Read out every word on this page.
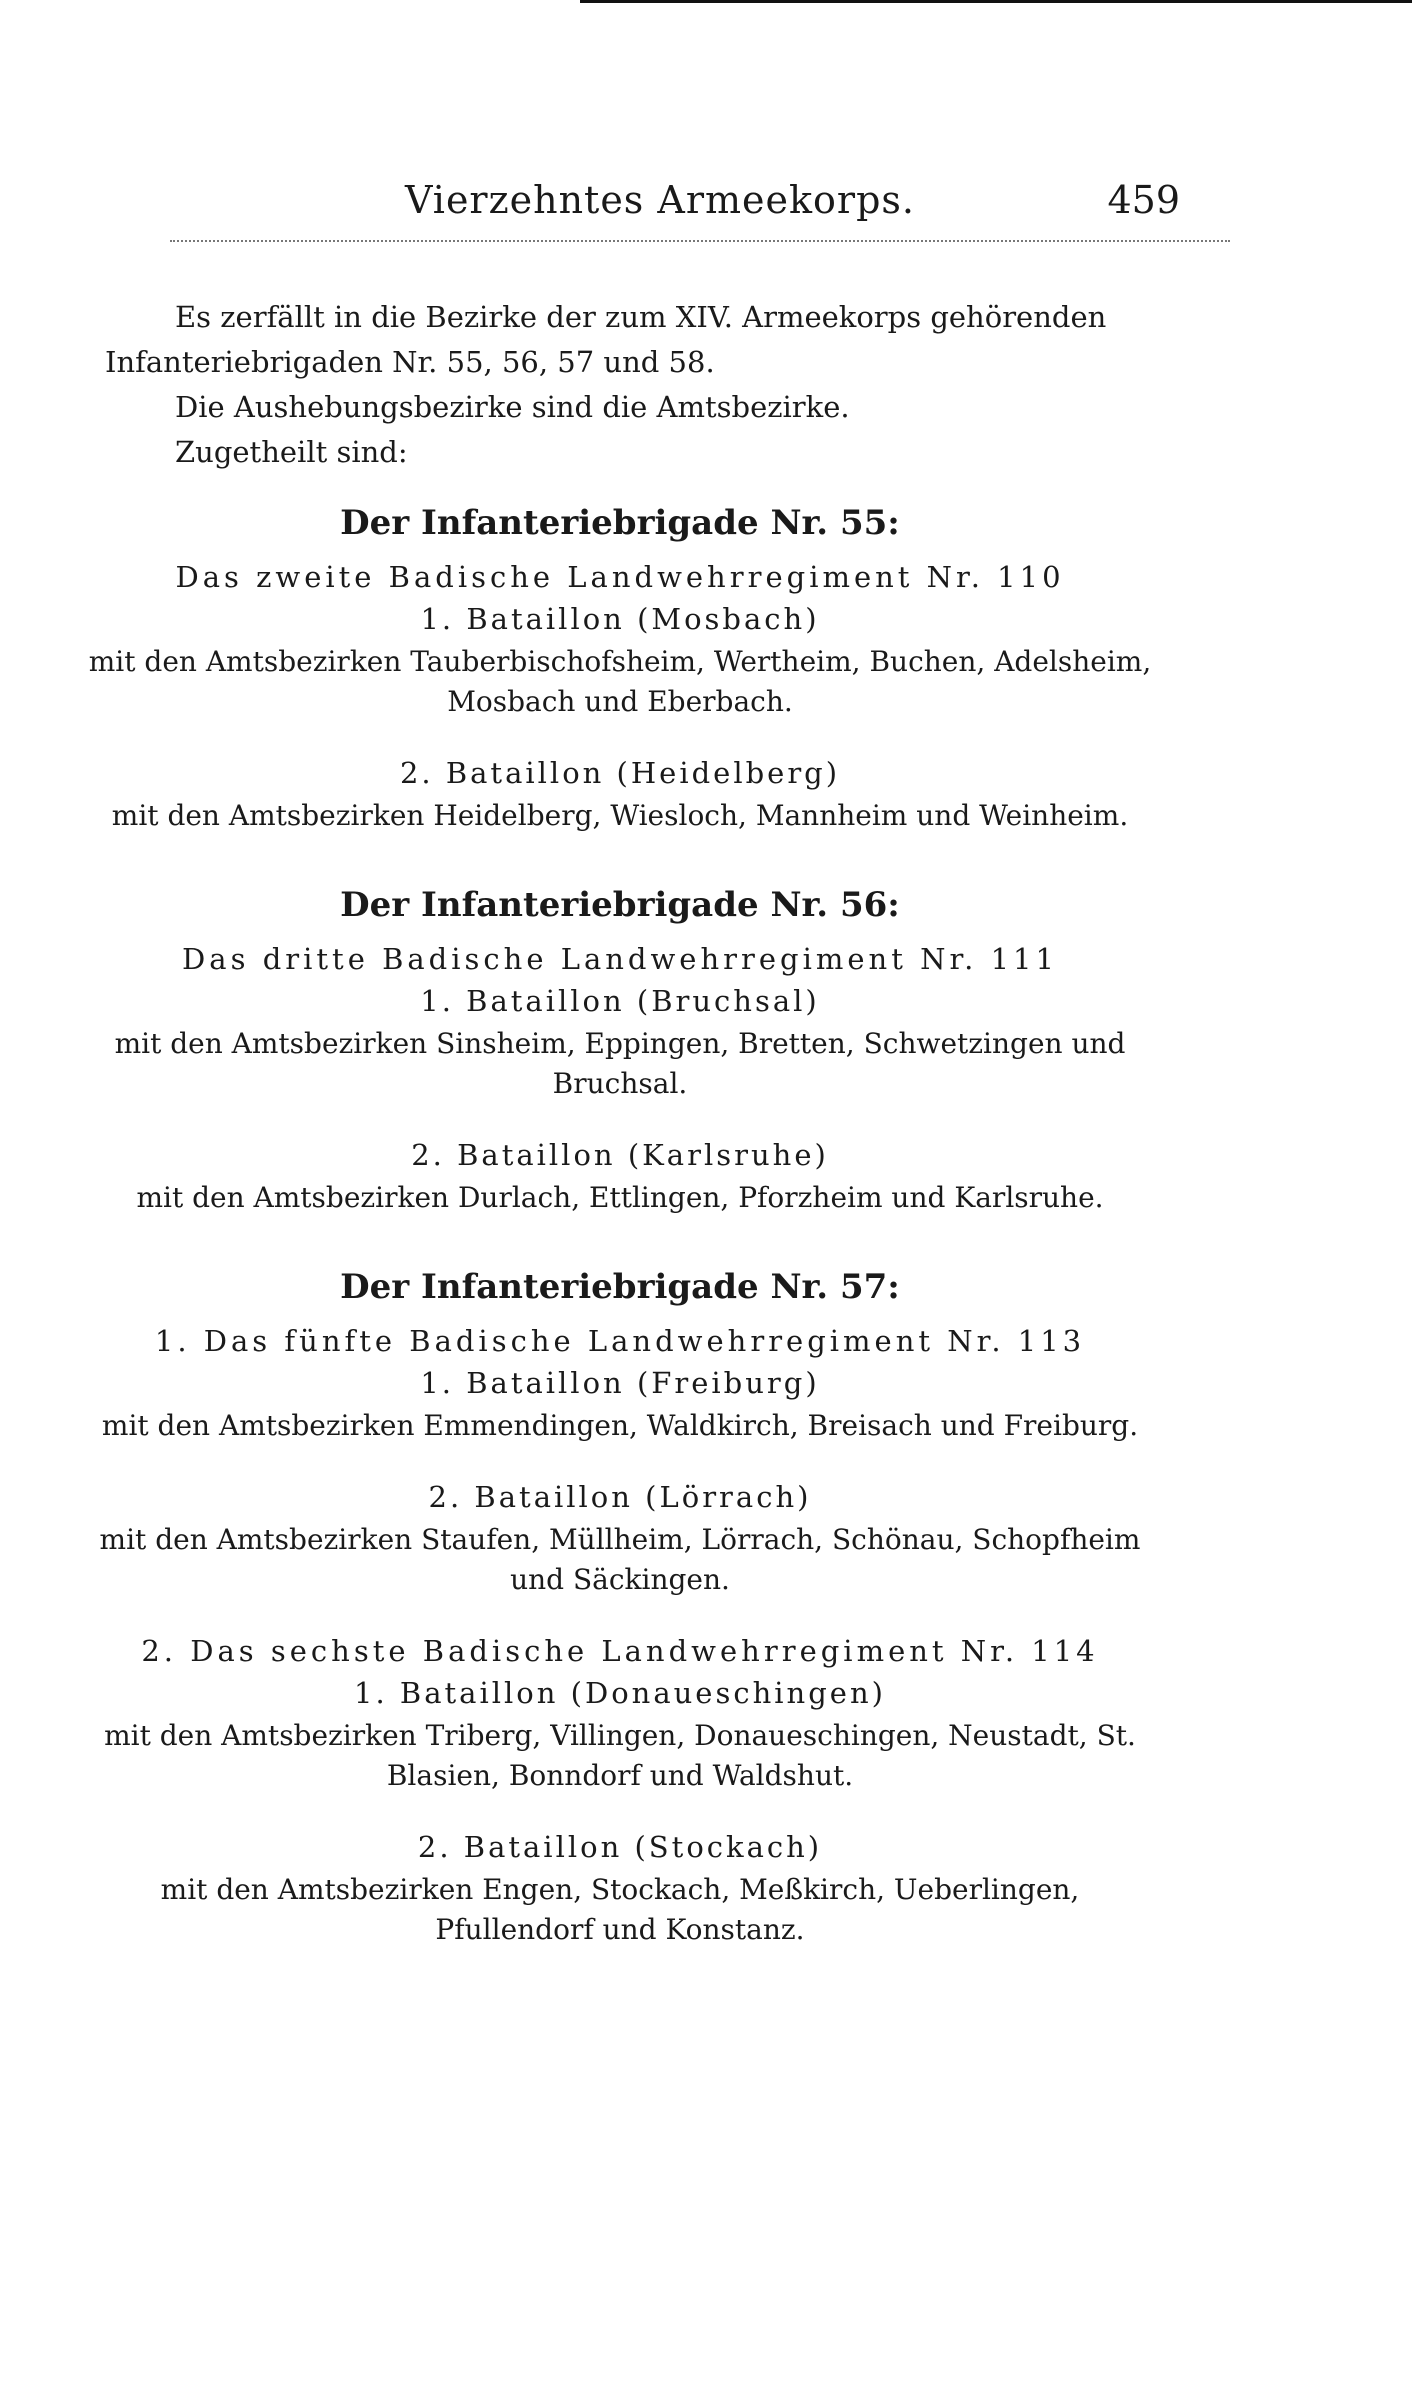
Vierzehntes Armeekorps.	459

Es zerfällt in die Bezirke der zum XIV. Armeekorps gehörenden

Infanteriebrigaden Nr. 55, 56, 57 und 58.

Die Aushebungsbezirke sind die Amtsbezirke.

Zugetheilt sind:

Der Infanteriebrigade Nr. 55:

Das zweite Badische Landwehrregiment Nr. 110

1. Bataillon (Mosbach)

mit den Amtsbezirken Tauberbischofsheim, Wertheim, Buchen, Adelsheim, Mosbach und Eberbach.

2. Bataillon (Heidelberg)

mit den Amtsbezirken Heidelberg, Wiesloch, Mannheim und Weinheim.

Der Infanteriebrigade Nr. 56:

Das dritte Badische Landwehrregiment Nr. 111

1. Bataillon (Bruchsal)

mit den Amtsbezirken Sinsheim, Eppingen, Bretten, Schwetzingen und Bruchsal.

2. Bataillon (Karlsruhe)

mit den Amtsbezirken Durlach, Ettlingen, Pforzheim und Karlsruhe.

Der Infanteriebrigade Nr. 57:

1. Das fünfte Badische Landwehrregiment Nr. 113

1. Bataillon (Freiburg)

mit den Amtsbezirken Emmendingen, Waldkirch, Breisach und Freiburg.

2. Bataillon (Lörrach)

mit den Amtsbezirken Staufen, Müllheim, Lörrach, Schönau, Schopfheim und Säckingen.

2. Das sechste Badische Landwehrregiment Nr. 114

1. Bataillon (Donaueschingen)

mit den Amtsbezirken Triberg, Villingen, Donaueschingen, Neustadt, St. Blasien, Bonndorf und Waldshut.

2. Bataillon (Stockach)

mit den Amtsbezirken Engen, Stockach, Meßkirch, Ueberlingen, Pfullendorf und Konstanz.
